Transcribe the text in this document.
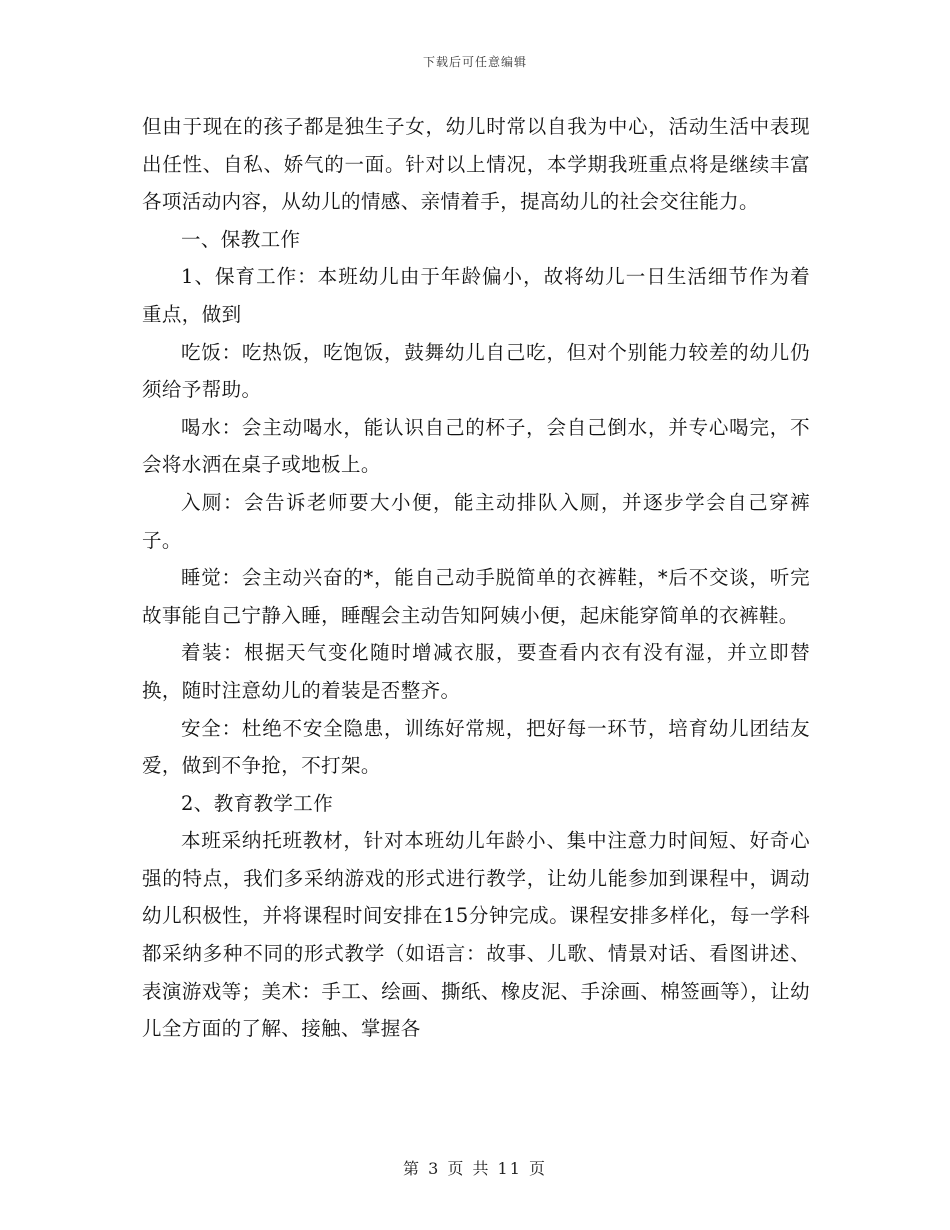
下载后可任意编辑

但由于现在的孩子都是独生子女，幼儿时常以自我为中心，活动生活中表现出任性、自私、娇气的一面。针对以上情况，本学期我班重点将是继续丰富各项活动内容，从幼儿的情感、亲情着手，提高幼儿的社会交往能力。

一、保教工作

1、保育工作：本班幼儿由于年龄偏小，故将幼儿一日生活细节作为着重点，做到

吃饭：吃热饭，吃饱饭，鼓舞幼儿自己吃，但对个别能力较差的幼儿仍须给予帮助。

喝水：会主动喝水，能认识自己的杯子，会自己倒水，并专心喝完，不会将水洒在桌子或地板上。

入厕：会告诉老师要大小便，能主动排队入厕，并逐步学会自己穿裤子。

睡觉：会主动兴奋的*，能自己动手脱简单的衣裤鞋，*后不交谈，听完故事能自己宁静入睡，睡醒会主动告知阿姨小便，起床能穿简单的衣裤鞋。

着装：根据天气变化随时增减衣服，要查看内衣有没有湿，并立即替换，随时注意幼儿的着装是否整齐。

安全：杜绝不安全隐患，训练好常规，把好每一环节，培育幼儿团结友爱，做到不争抢，不打架。

2、教育教学工作

本班采纳托班教材，针对本班幼儿年龄小、集中注意力时间短、好奇心强的特点，我们多采纳游戏的形式进行教学，让幼儿能参加到课程中，调动幼儿积极性，并将课程时间安排在15分钟完成。课程安排多样化，每一学科都采纳多种不同的形式教学（如语言：故事、儿歌、情景对话、看图讲述、表演游戏等；美术：手工、绘画、撕纸、橡皮泥、手涂画、棉签画等），让幼儿全方面的了解、接触、掌握各

第 3 页 共 11 页
